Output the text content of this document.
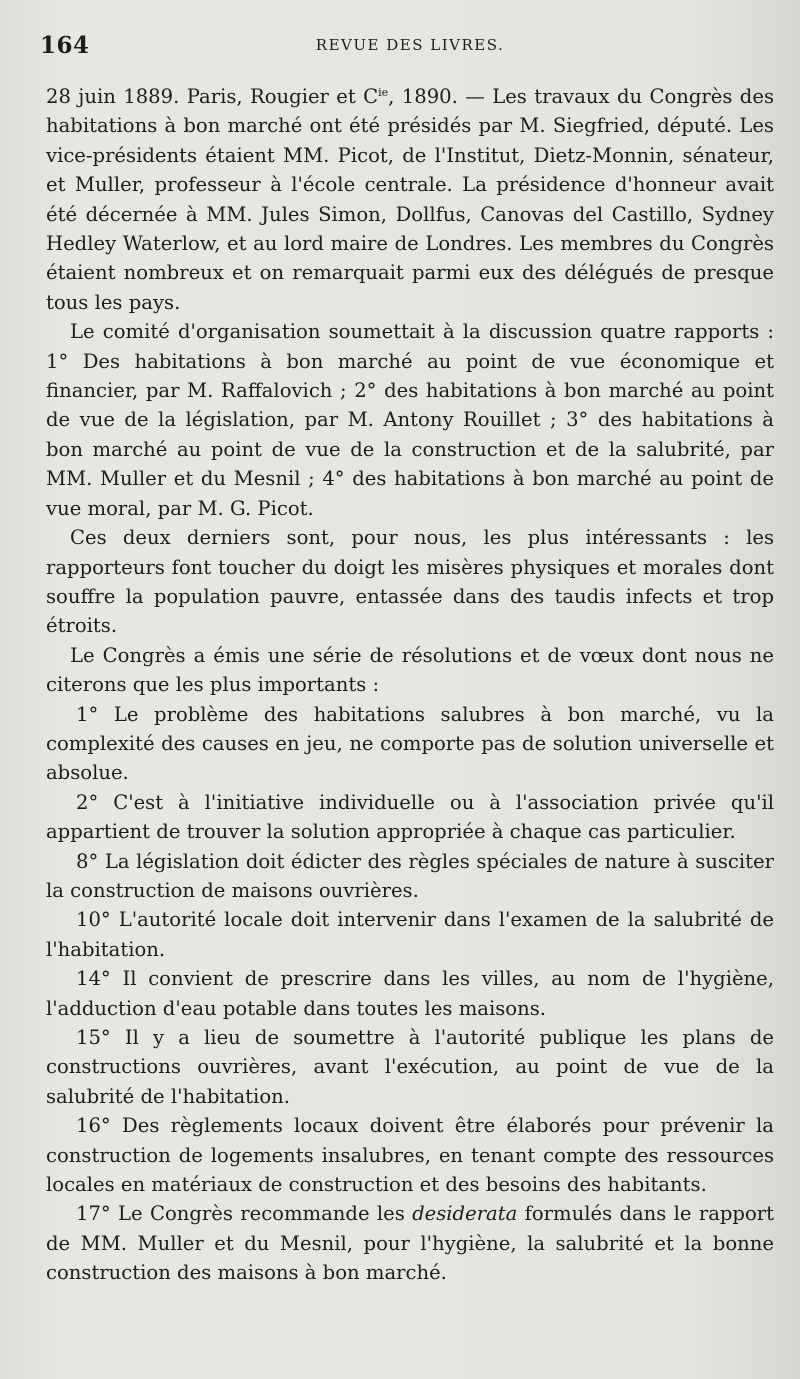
164	REVUE DES LIVRES.

28 juin 1889. Paris, Rougier et $C^{ie}$, 1890. — Les travaux du Congrès des habitations à bon marché ont été présidés par M. Siegfried, député. Les vice-présidents étaient MM. Picot, de l'Institut, Dietz-Monnin, sénateur, et Muller, professeur à l'école centrale. La présidence d'honneur avait été décernée à MM. Jules Simon, Dollfus, Canovas del Castillo, Sydney Hedley Waterlow, et au lord maire de Londres. Les membres du Congrès étaient nombreux et on remarquait parmi eux des délégués de presque tous les pays.

Le comité d'organisation soumettait à la discussion quatre rapports : 1° Des habitations à bon marché au point de vue économique et financier, par M. Raffalovich ; 2° des habitations à bon marché au point de vue de la législation, par M. Antony Rouillet ; 3° des habitations à bon marché au point de vue de la construction et de la salubrité, par MM. Muller et du Mesnil ; 4° des habitations à bon marché au point de vue moral, par M. G. Picot.

Ces deux derniers sont, pour nous, les plus intéressants : les rapporteurs font toucher du doigt les misères physiques et morales dont souffre la population pauvre, entassée dans des taudis infects et trop étroits.

Le Congrès a émis une série de résolutions et de vœux dont nous ne citerons que les plus importants :

1° Le problème des habitations salubres à bon marché, vu la complexité des causes en jeu, ne comporte pas de solution universelle et absolue.

2° C'est à l'initiative individuelle ou à l'association privée qu'il appartient de trouver la solution appropriée à chaque cas particulier.

8° La législation doit édicter des règles spéciales de nature à susciter la construction de maisons ouvrières.

10° L'autorité locale doit intervenir dans l'examen de la salubrité de l'habitation.

14° Il convient de prescrire dans les villes, au nom de l'hygiène, l'adduction d'eau potable dans toutes les maisons.

15° Il y a lieu de soumettre à l'autorité publique les plans de constructions ouvrières, avant l'exécution, au point de vue de la salubrité de l'habitation.

16° Des règlements locaux doivent être élaborés pour prévenir la construction de logements insalubres, en tenant compte des ressources locales en matériaux de construction et des besoins des habitants.

17° Le Congrès recommande les desiderata formulés dans le rapport de MM. Muller et du Mesnil, pour l'hygiène, la salubrité et la bonne construction des maisons à bon marché.
